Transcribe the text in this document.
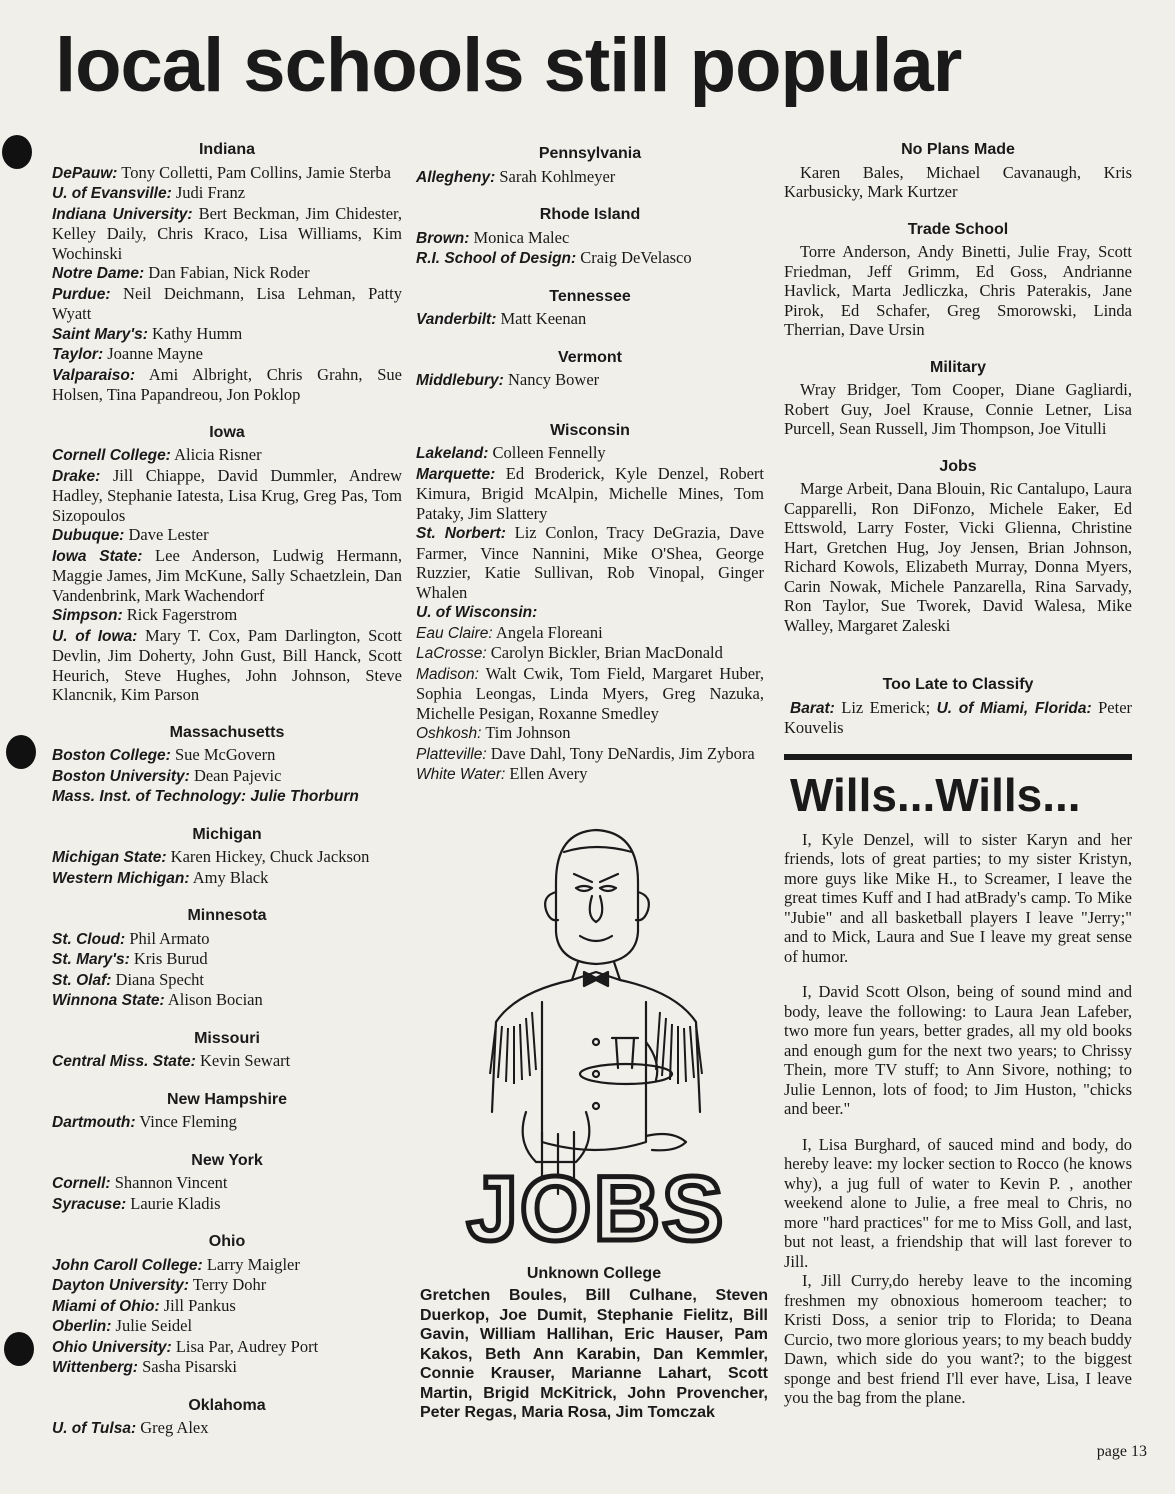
local schools still popular
Indiana
DePauw: Tony Colletti, Pam Collins, Jamie Sterba
U. of Evansville: Judi Franz
Indiana University: Bert Beckman, Jim Chidester, Kelley Daily, Chris Kraco, Lisa Williams, Kim Wochinski
Notre Dame: Dan Fabian, Nick Roder
Purdue: Neil Deichmann, Lisa Lehman, Patty Wyatt
Saint Mary's: Kathy Humm
Taylor: Joanne Mayne
Valparaiso: Ami Albright, Chris Grahn, Sue Holsen, Tina Papandreou, Jon Poklop
Iowa
Cornell College: Alicia Risner
Drake: Jill Chiappe, David Dummler, Andrew Hadley, Stephanie Iatesta, Lisa Krug, Greg Pas, Tom Sizopoulos
Dubuque: Dave Lester
Iowa State: Lee Anderson, Ludwig Hermann, Maggie James, Jim McKune, Sally Schaetzlein, Dan Vandenbrink, Mark Wachendorf
Simpson: Rick Fagerstrom
U. of Iowa: Mary T. Cox, Pam Darlington, Scott Devlin, Jim Doherty, John Gust, Bill Hanck, Scott Heurich, Steve Hughes, John Johnson, Steve Klancnik, Kim Parson
Massachusetts
Boston College: Sue McGovern
Boston University: Dean Pajevic
Mass. Inst. of Technology: Julie Thorburn
Michigan
Michigan State: Karen Hickey, Chuck Jackson
Western Michigan: Amy Black
Minnesota
St. Cloud: Phil Armato
St. Mary's: Kris Burud
St. Olaf: Diana Specht
Winnona State: Alison Bocian
Missouri
Central Miss. State: Kevin Sewart
New Hampshire
Dartmouth: Vince Fleming
New York
Cornell: Shannon Vincent
Syracuse: Laurie Kladis
Ohio
John Caroll College: Larry Maigler
Dayton University: Terry Dohr
Miami of Ohio: Jill Pankus
Oberlin: Julie Seidel
Ohio University: Lisa Par, Audrey Port
Wittenberg: Sasha Pisarski
Oklahoma
U. of Tulsa: Greg Alex
Pennsylvania
Allegheny: Sarah Kohlmeyer
Rhode Island
Brown: Monica Malec
R.I. School of Design: Craig DeVelasco
Tennessee
Vanderbilt: Matt Keenan
Vermont
Middlebury: Nancy Bower
Wisconsin
Lakeland: Colleen Fennelly
Marquette: Ed Broderick, Kyle Denzel, Robert Kimura, Brigid McAlpin, Michelle Mines, Tom Pataky, Jim Slattery
St. Norbert: Liz Conlon, Tracy DeGrazia, Dave Farmer, Vince Nannini, Mike O'Shea, George Ruzzier, Katie Sullivan, Rob Vinopal, Ginger Whalen
U. of Wisconsin:
Eau Claire: Angela Floreani
LaCrosse: Carolyn Bickler, Brian MacDonald
Madison: Walt Cwik, Tom Field, Margaret Huber, Sophia Leongas, Linda Myers, Greg Nazuka, Michelle Pesigan, Roxanne Smedley
Oshkosh: Tim Johnson
Platteville: Dave Dahl, Tony DeNardis, Jim Zybora
White Water: Ellen Avery
JOBS
Unknown College
Gretchen Boules, Bill Culhane, Steven Duerkop, Joe Dumit, Stephanie Fielitz, Bill Gavin, William Hallihan, Eric Hauser, Pam Kakos, Beth Ann Karabin, Dan Kemmler, Connie Krauser, Marianne Lahart, Scott Martin, Brigid McKitrick, John Provencher, Peter Regas, Maria Rosa, Jim Tomczak
No Plans Made
Karen Bales, Michael Cavanaugh, Kris Karbusicky, Mark Kurtzer
Trade School
Torre Anderson, Andy Binetti, Julie Fray, Scott Friedman, Jeff Grimm, Ed Goss, Andrianne Havlick, Marta Jedliczka, Chris Paterakis, Jane Pirok, Ed Schafer, Greg Smorowski, Linda Therrian, Dave Ursin
Military
Wray Bridger, Tom Cooper, Diane Gagliardi, Robert Guy, Joel Krause, Connie Letner, Lisa Purcell, Sean Russell, Jim Thompson, Joe Vitulli
Jobs
Marge Arbeit, Dana Blouin, Ric Cantalupo, Laura Capparelli, Ron DiFonzo, Michele Eaker, Ed Ettswold, Larry Foster, Vicki Glienna, Christine Hart, Gretchen Hug, Joy Jensen, Brian Johnson, Richard Kowols, Elizabeth Murray, Donna Myers, Carin Nowak, Michele Panzarella, Rina Sarvady, Ron Taylor, Sue Tworek, David Walesa, Mike Walley, Margaret Zaleski
Too Late to Classify
Barat: Liz Emerick; U. of Miami, Florida: Peter Kouvelis
Wills...Wills...
I, Kyle Denzel, will to sister Karyn and her friends, lots of great parties; to my sister Kristyn, more guys like Mike H., to Screamer, I leave the great times Kuff and I had atBrady's camp. To Mike "Jubie" and all basketball players I leave "Jerry;" and to Mick, Laura and Sue I leave my great sense of humor.
I, David Scott Olson, being of sound mind and body, leave the following: to Laura Jean Lafeber, two more fun years, better grades, all my old books and enough gum for the next two years; to Chrissy Thein, more TV stuff; to Ann Sivore, nothing; to Julie Lennon, lots of food; to Jim Huston, "chicks and beer."
I, Lisa Burghard, of sauced mind and body, do hereby leave: my locker section to Rocco (he knows why), a jug full of water to Kevin P. , another weekend alone to Julie, a free meal to Chris, no more "hard practices" for me to Miss Goll, and last, but not least, a friendship that will last forever to Jill.
I, Jill Curry,do hereby leave to the incoming freshmen my obnoxious homeroom teacher; to Kristi Doss, a senior trip to Florida; to Deana Curcio, two more glorious years; to my beach buddy Dawn, which side do you want?; to the biggest sponge and best friend I'll ever have, Lisa, I leave you the bag from the plane.
page 13
